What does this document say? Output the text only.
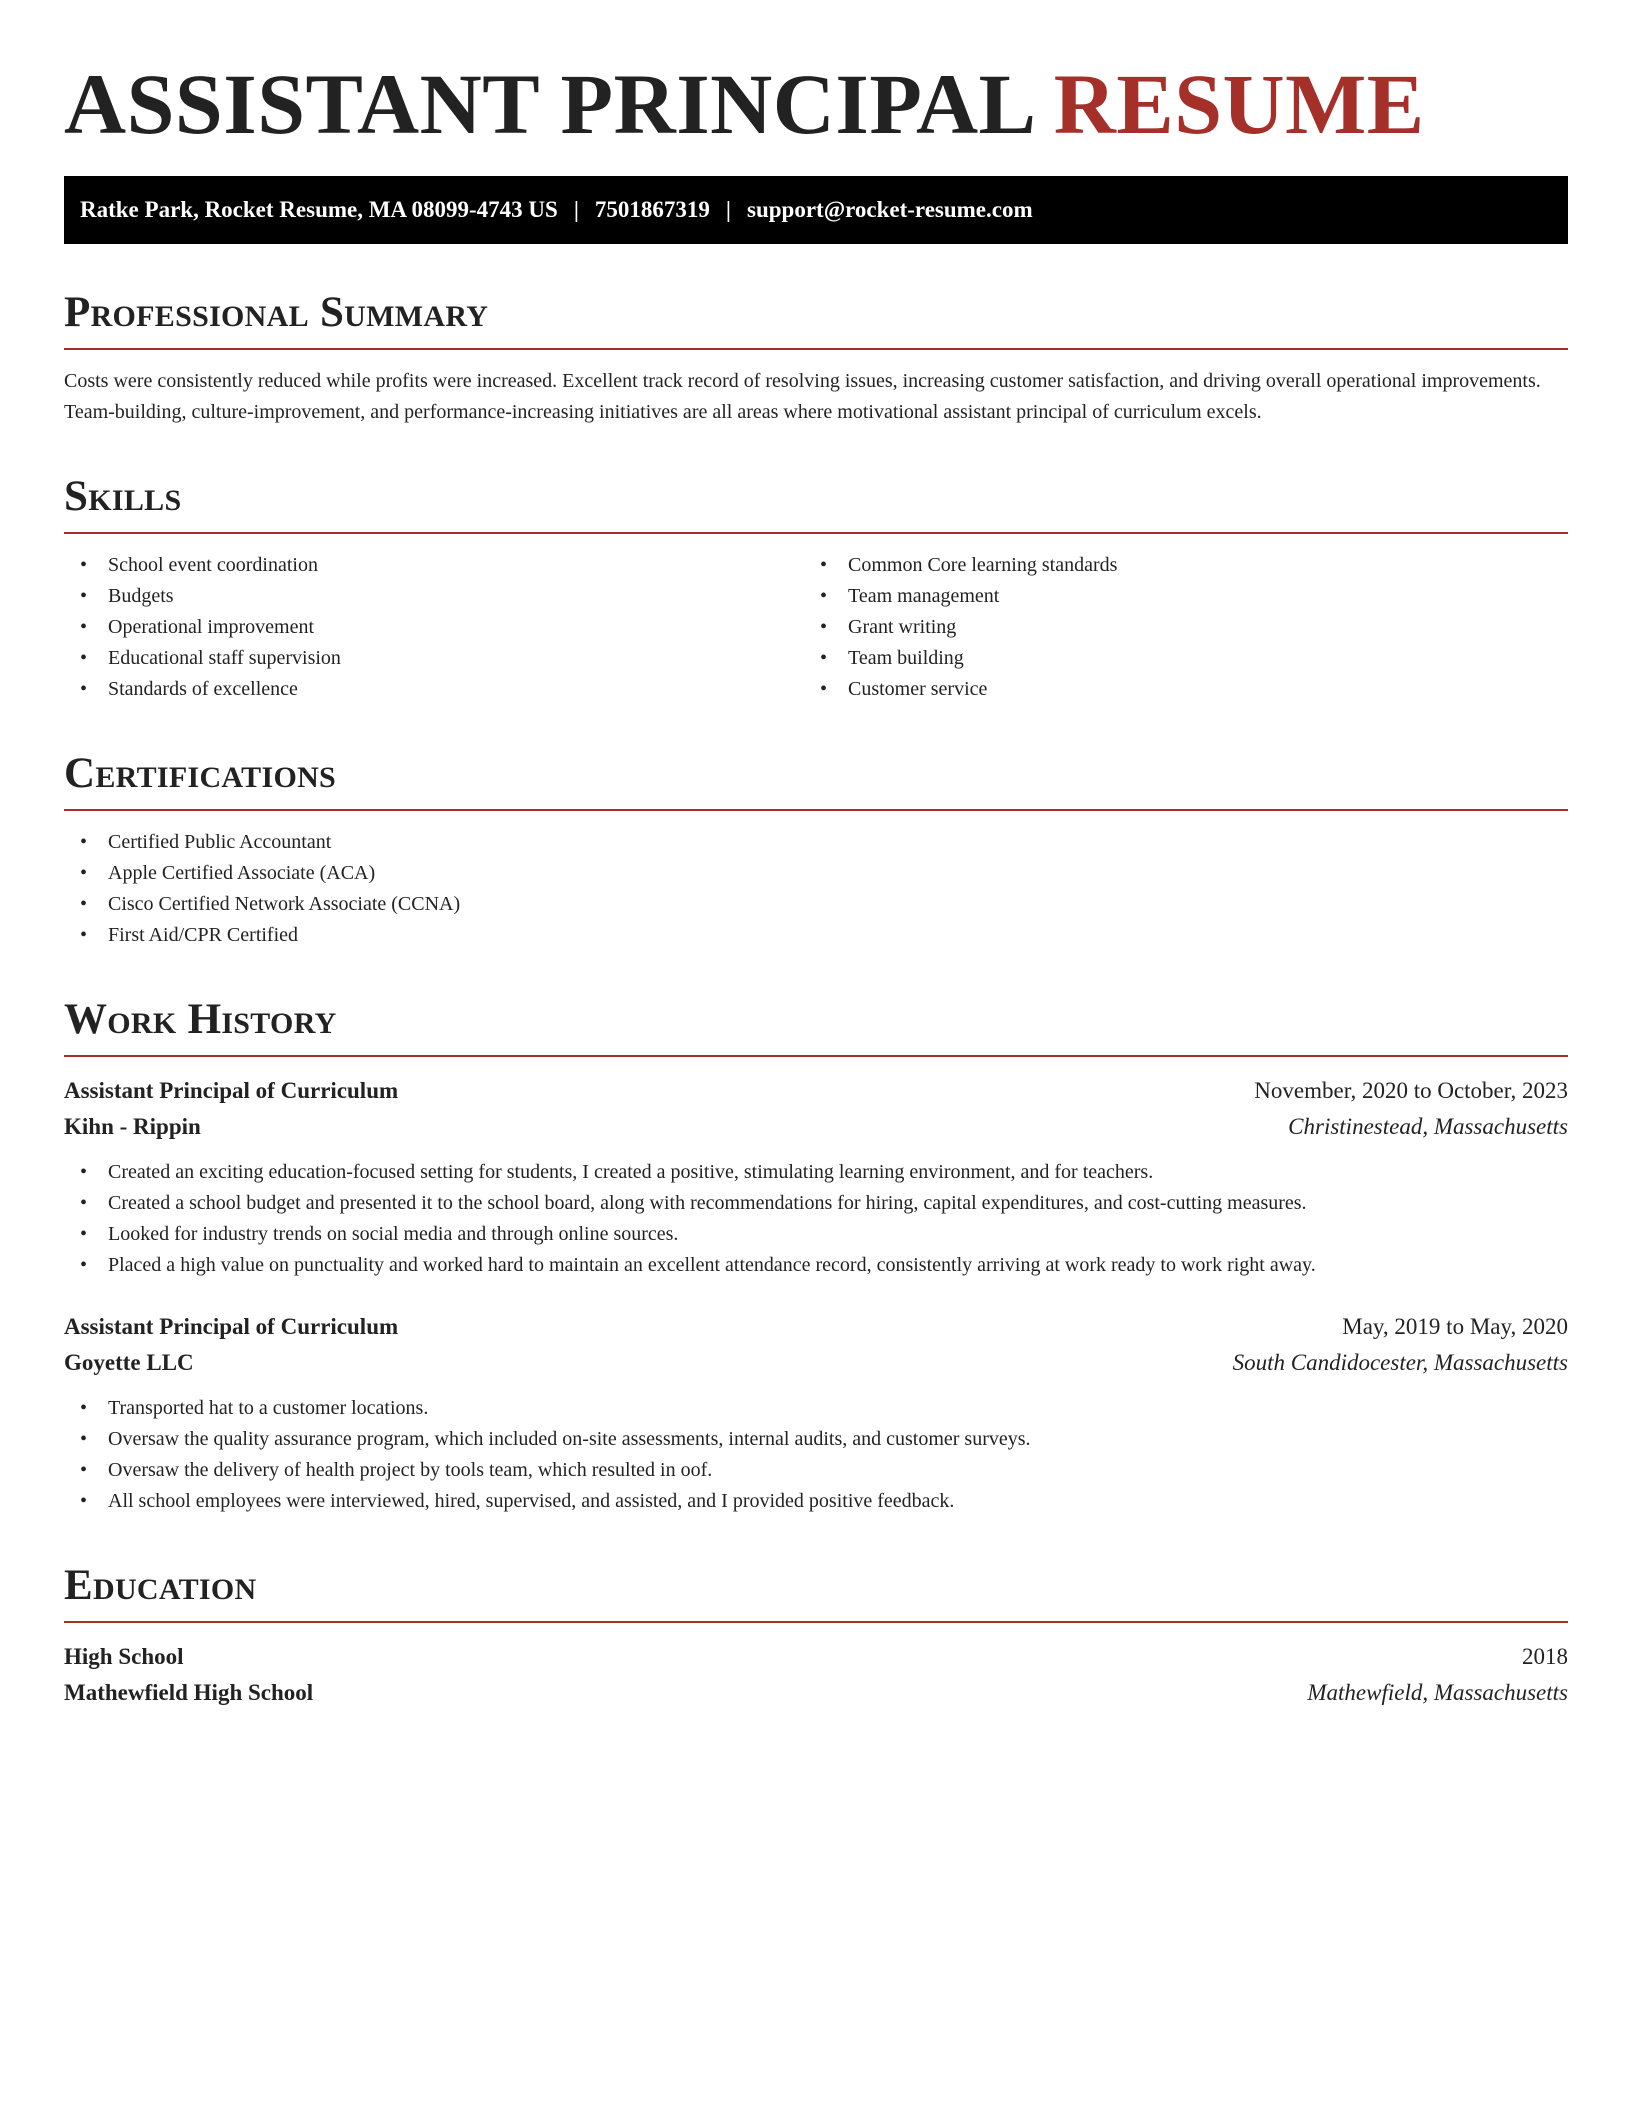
ASSISTANT PRINCIPAL RESUME
Ratke Park, Rocket Resume, MA 08099-4743 US | 7501867319 | support@rocket-resume.com
Professional Summary

Costs were consistently reduced while profits were increased. Excellent track record of resolving issues, increasing customer satisfaction, and driving overall operational improvements. Team-building, culture-improvement, and performance-increasing initiatives are all areas where motivational assistant principal of curriculum excels.

Skills
• School event coordination
• Budgets
• Operational improvement
• Educational staff supervision
• Standards of excellence
• Common Core learning standards
• Team management
• Grant writing
• Team building
• Customer service
Certifications
• Certified Public Accountant
• Apple Certified Associate (ACA)
• Cisco Certified Network Associate (CCNA)
• First Aid/CPR Certified
Work History
Assistant Principal of Curriculum	November, 2020 to October, 2023
Kihn - Rippin	Christinestead, Massachusetts
• Created an exciting education-focused setting for students, I created a positive, stimulating learning environment, and for teachers.
• Created a school budget and presented it to the school board, along with recommendations for hiring, capital expenditures, and cost-cutting measures.
• Looked for industry trends on social media and through online sources.
• Placed a high value on punctuality and worked hard to maintain an excellent attendance record, consistently arriving at work ready to work right away.
Assistant Principal of Curriculum	May, 2019 to May, 2020
Goyette LLC	South Candidocester, Massachusetts
• Transported hat to a customer locations.
• Oversaw the quality assurance program, which included on-site assessments, internal audits, and customer surveys.
• Oversaw the delivery of health project by tools team, which resulted in oof.
• All school employees were interviewed, hired, supervised, and assisted, and I provided positive feedback.
Education
High School	2018
Mathewfield High School	Mathewfield, Massachusetts
